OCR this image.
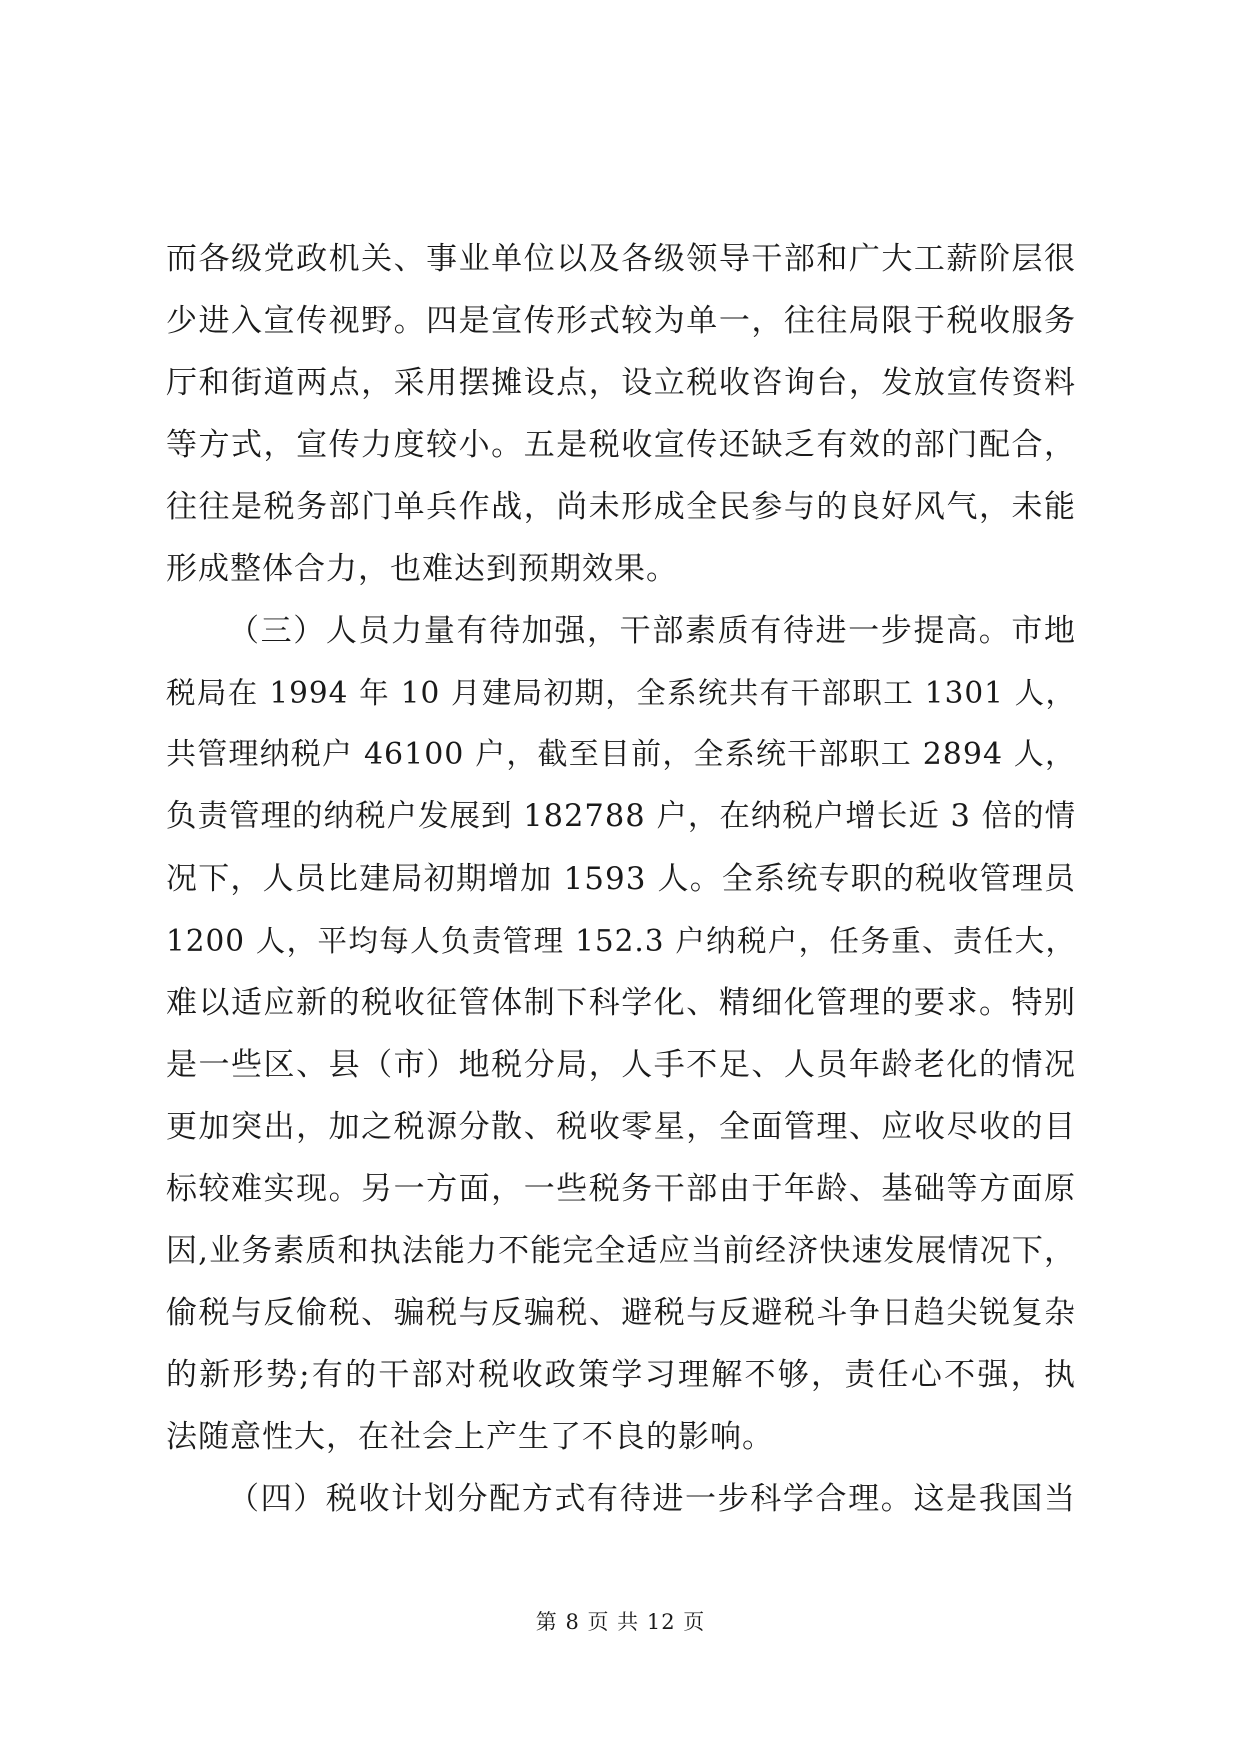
而各级党政机关、事业单位以及各级领导干部和广大工薪阶层很
少进入宣传视野。四是宣传形式较为单一，往往局限于税收服务
厅和街道两点，采用摆摊设点，设立税收咨询台，发放宣传资料
等方式，宣传力度较小。五是税收宣传还缺乏有效的部门配合，
往往是税务部门单兵作战，尚未形成全民参与的良好风气，未能
形成整体合力，也难达到预期效果。
（三）人员力量有待加强，干部素质有待进一步提高。市地
税局在 1994 年 10 月建局初期，全系统共有干部职工 1301 人，
共管理纳税户 46100 户，截至目前，全系统干部职工 2894 人，
负责管理的纳税户发展到 182788 户，在纳税户增长近 3 倍的情
况下，人员比建局初期增加 1593 人。全系统专职的税收管理员
1200 人，平均每人负责管理 152.3 户纳税户，任务重、责任大，
难以适应新的税收征管体制下科学化、精细化管理的要求。特别
是一些区、县（市）地税分局，人手不足、人员年龄老化的情况
更加突出，加之税源分散、税收零星，全面管理、应收尽收的目
标较难实现。另一方面，一些税务干部由于年龄、基础等方面原
因,业务素质和执法能力不能完全适应当前经济快速发展情况下，
偷税与反偷税、骗税与反骗税、避税与反避税斗争日趋尖锐复杂
的新形势;有的干部对税收政策学习理解不够，责任心不强，执
法随意性大，在社会上产生了不良的影响。
（四）税收计划分配方式有待进一步科学合理。这是我国当
第 8 页 共 12 页
